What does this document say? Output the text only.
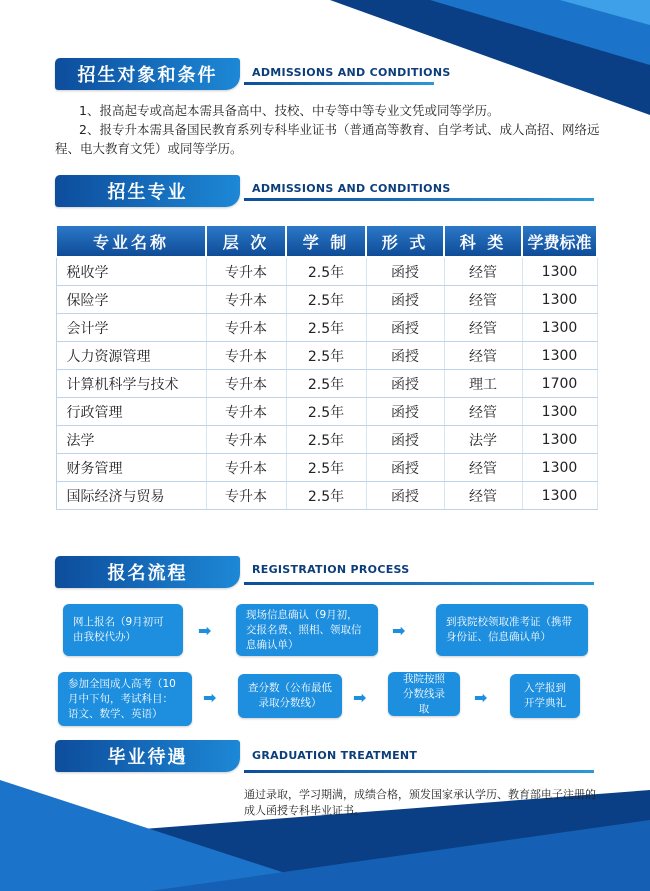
招生对象和条件	ADMISSIONS AND CONDITIONS

1、报高起专或高起本需具备高中、技校、中专等中等专业文凭或同等学历。

2、报专升本需具备国民教育系列专科毕业证书（普通高等教育、自学考试、成人高招、网络远程、电大教育文凭）或同等学历。

招生专业	ADMISSIONS AND CONDITIONS
专业名称	层 次	学 制	形 式	科 类	学费标准
税收学	专升本	2.5年	函授	经管	1300
保险学	专升本	2.5年	函授	经管	1300
会计学	专升本	2.5年	函授	经管	1300
人力资源管理	专升本	2.5年	函授	经管	1300
计算机科学与技术	专升本	2.5年	函授	理工	1700
行政管理	专升本	2.5年	函授	经管	1300
法学	专升本	2.5年	函授	法学	1300
财务管理	专升本	2.5年	函授	经管	1300
国际经济与贸易	专升本	2.5年	函授	经管	1300
报名流程	REGISTRATION PROCESS
网上报名（9月初可由我校代办）	➡
现场信息确认（9月初，交报名费、照相、领取信息确认单）
➡	到我院校领取准考证（携带身份证、信息确认单）
参加全国成人高考（10月中下旬，考试科目：语文、数学、英语）
➡	查分数（公布最低录取分数线）	➡
我院按照分数线录取
➡	入学报到开学典礼
毕业待遇	GRADUATION TREATMENT
通过录取，学习期满，成绩合格，颁发国家承认学历、教育部电子注册的成人函授专科毕业证书。
